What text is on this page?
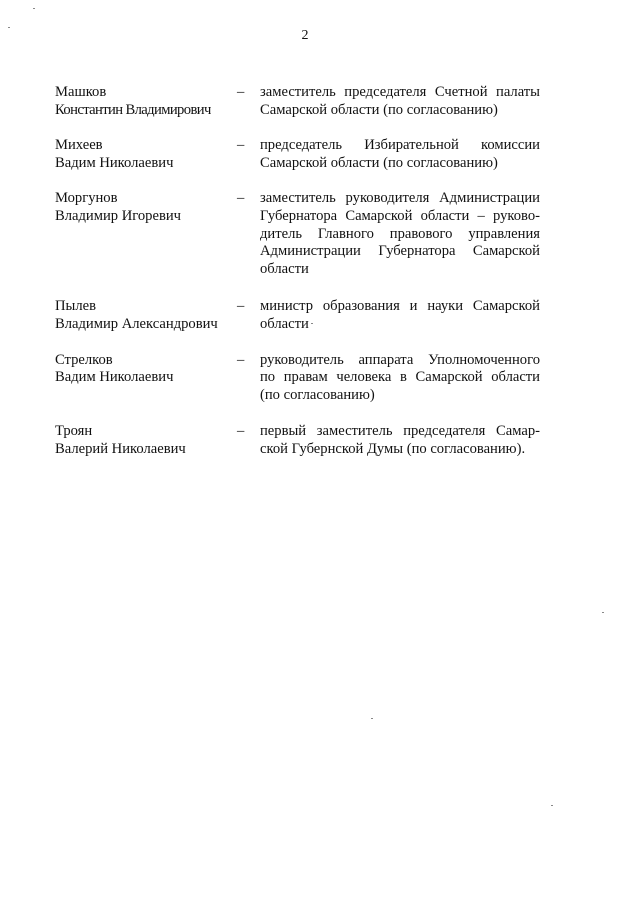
2
Машков
Константин Владимирович
–	заместитель председателя Счетной палаты
Самарской области (по согласованию)
Михеев
Вадим Николаевич
–	председатель Избирательной комиссии
Самарской области (по согласованию)
Моргунов
Владимир Игоревич
–	заместитель руководителя Администрации
Губернатора Самарской области – руково-
дитель Главного правового управления
Администрации Губернатора Самарской
области
Пылев
Владимир Александрович
–	министр образования и науки Самарской
области
Стрелков
Вадим Николаевич
–	руководитель аппарата Уполномоченного
по правам человека в Самарской области
(по согласованию)
Троян
Валерий Николаевич
–	первый заместитель председателя Самар-
ской Губернской Думы (по согласованию).
